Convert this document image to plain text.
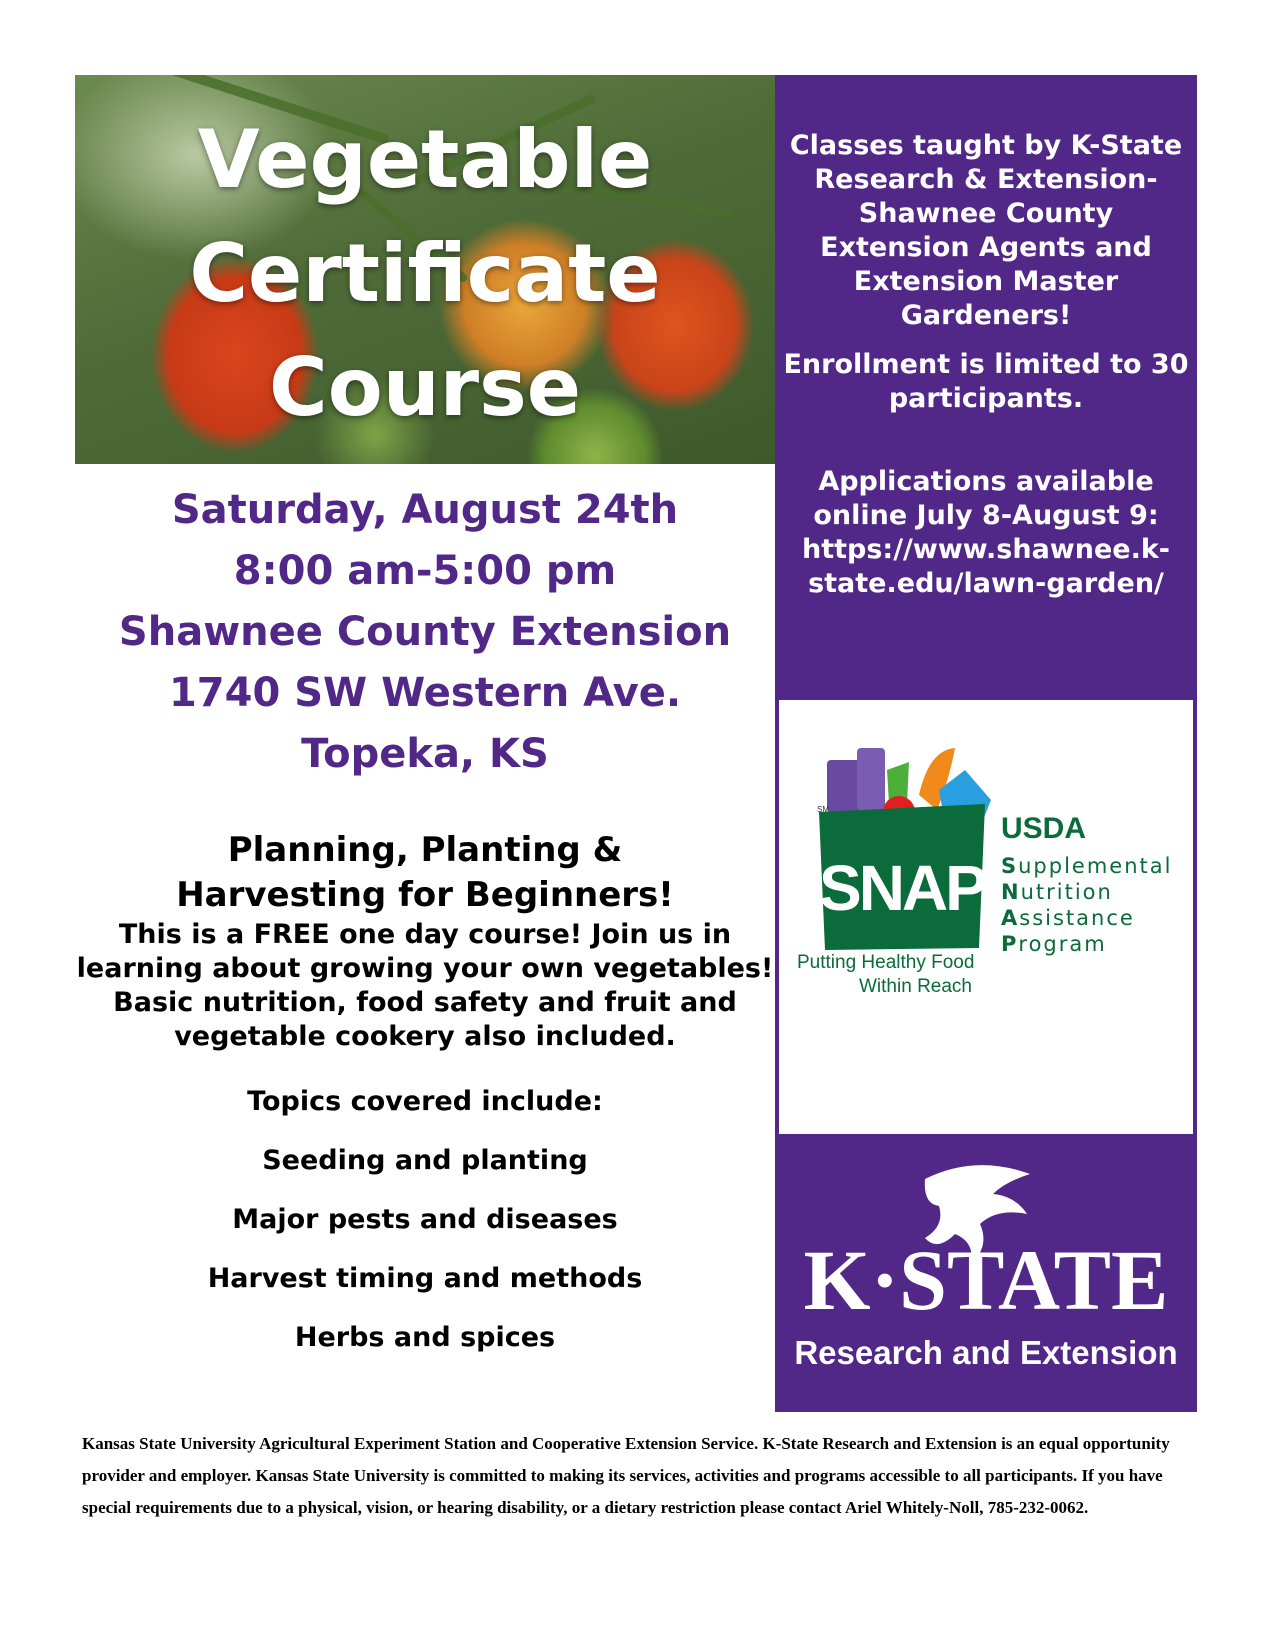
Vegetable
Certificate
Course

Classes taught by K-State Research & Extension-Shawnee County Extension Agents and Extension Master Gardeners!

Enrollment is limited to 30 participants.

Applications available online July 8-August 9:

https://www.shawnee.k-state.edu/lawn-garden/

SM
SNAP
USDA
Supplemental
Nutrition
Assistance
Program
Putting Healthy Food
Within Reach
K·STATE
Research and Extension
Saturday, August 24th
8:00 am-5:00 pm
Shawnee County Extension
1740 SW Western Ave.
Topeka, KS
Planning, Planting &
Harvesting for Beginners!
This is a FREE one day course! Join us in learning about growing your own vegetables! Basic nutrition, food safety and fruit and vegetable cookery also included.
Topics covered include:
Seeding and planting
Major pests and diseases
Harvest timing and methods
Herbs and spices
Kansas State University Agricultural Experiment Station and Cooperative Extension Service. K-State Research and Extension is an equal opportunity provider and employer. Kansas State University is committed to making its services, activities and programs accessible to all participants. If you have special requirements due to a physical, vision, or hearing disability, or a dietary restriction please contact Ariel Whitely-Noll, 785-232-0062.
